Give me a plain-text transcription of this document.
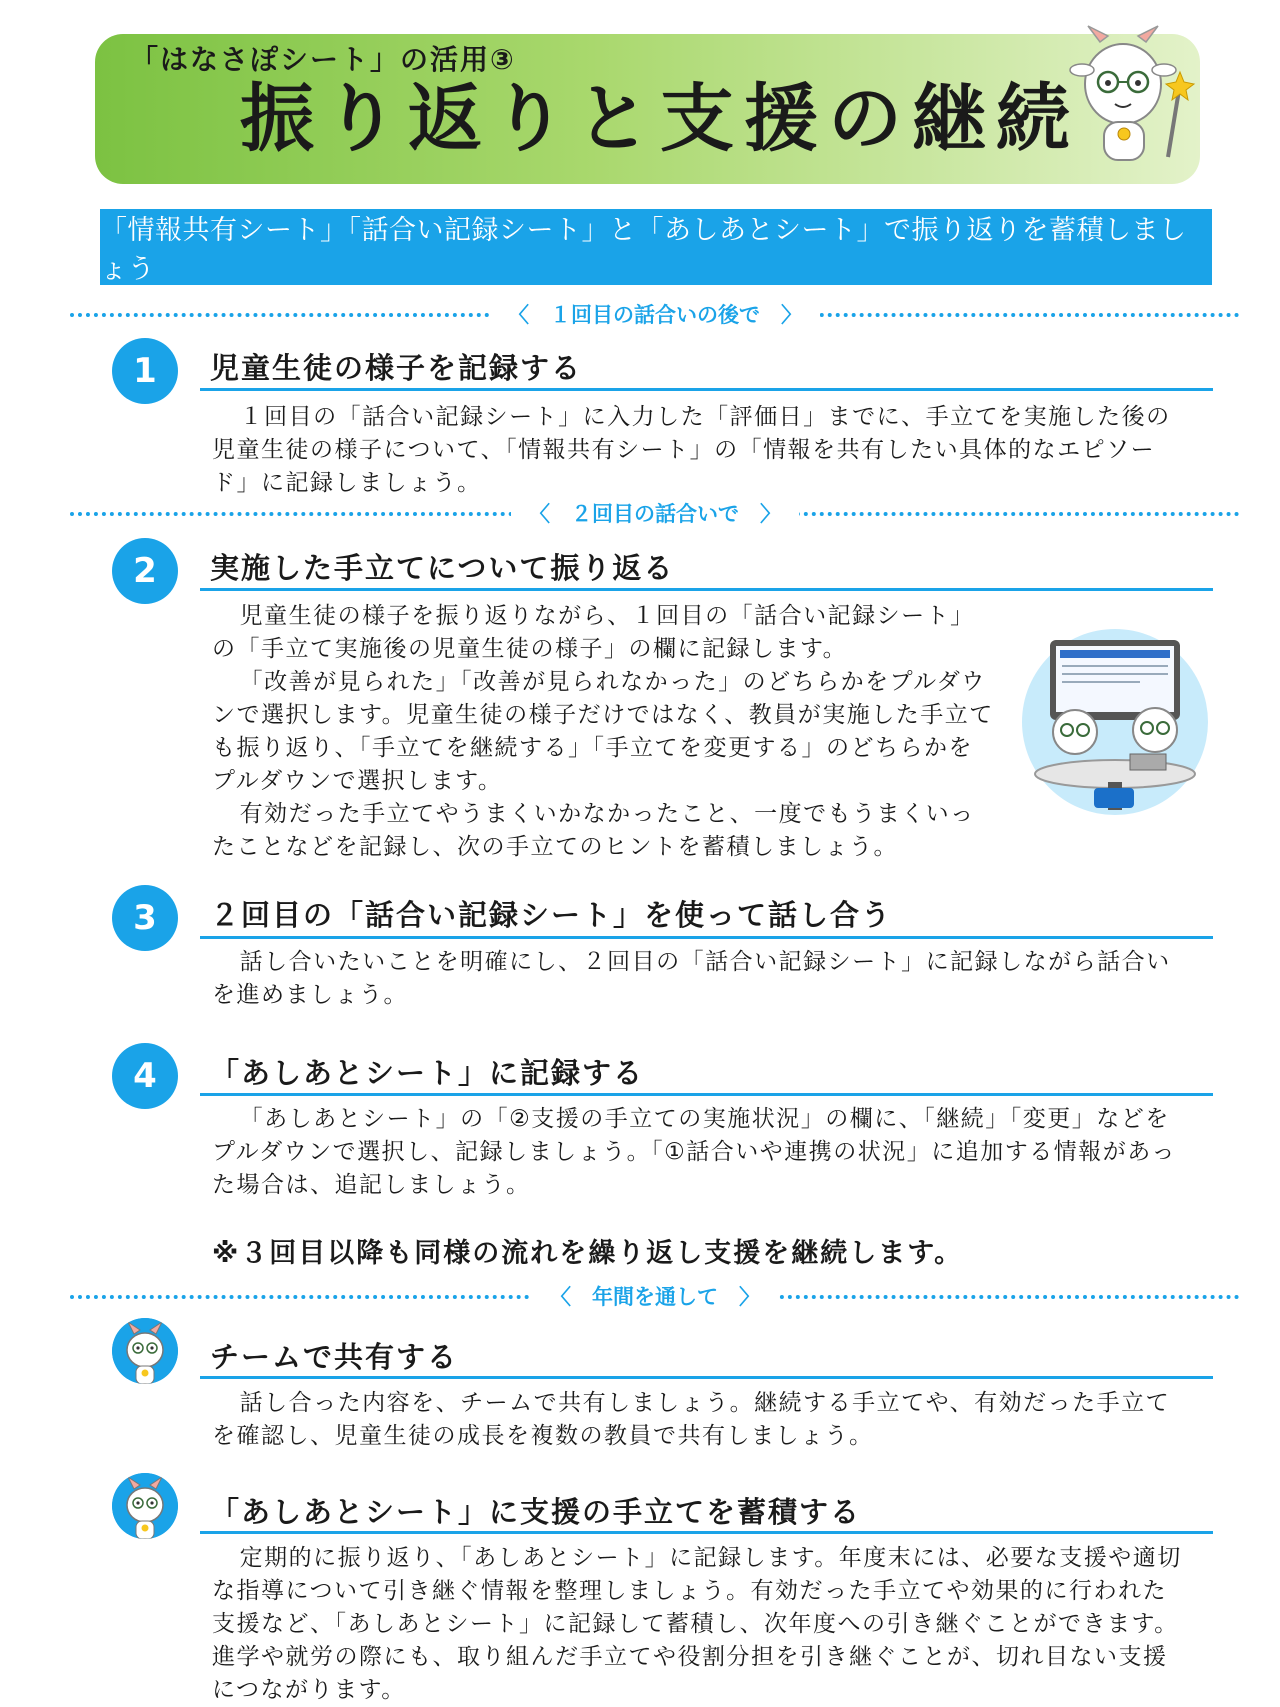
「はなさぽシート」の活用③
振り返りと支援の継続
「情報共有シート」「話合い記録シート」と「あしあとシート」で振り返りを蓄積しましょう
〈　１回目の話合いの後で　〉
1	児童生徒の様子を記録する

１回目の「話合い記録シート」に入力した「評価日」までに、手立てを実施した後の児童生徒の様子について、「情報共有シート」の「情報を共有したい具体的なエピソード」に記録しましょう。

〈　２回目の話合いで　〉
2	実施した手立てについて振り返る

児童生徒の様子を振り返りながら、１回目の「話合い記録シート」の「手立て実施後の児童生徒の様子」の欄に記録します。

「改善が見られた」「改善が見られなかった」のどちらかをプルダウンで選択します。児童生徒の様子だけではなく、教員が実施した手立ても振り返り、「手立てを継続する」「手立てを変更する」のどちらかをプルダウンで選択します。

有効だった手立てやうまくいかなかったこと、一度でもうまくいったことなどを記録し、次の手立てのヒントを蓄積しましょう。

3	２回目の「話合い記録シート」を使って話し合う

話し合いたいことを明確にし、２回目の「話合い記録シート」に記録しながら話合いを進めましょう。

4	「あしあとシート」に記録する

「あしあとシート」の「②支援の手立ての実施状況」の欄に、「継続」「変更」などをプルダウンで選択し、記録しましょう。「①話合いや連携の状況」に追加する情報があった場合は、追記しましょう。

※３回目以降も同様の流れを繰り返し支援を継続します。
〈　年間を通して　〉
チームで共有する

話し合った内容を、チームで共有しましょう。継続する手立てや、有効だった手立てを確認し、児童生徒の成長を複数の教員で共有しましょう。

「あしあとシート」に支援の手立てを蓄積する

定期的に振り返り、「あしあとシート」に記録します。年度末には、必要な支援や適切な指導について引き継ぐ情報を整理しましょう。有効だった手立てや効果的に行われた支援など、「あしあとシート」に記録して蓄積し、次年度への引き継ぐことができます。進学や就労の際にも、取り組んだ手立てや役割分担を引き継ぐことが、切れ目ない支援につながります。
